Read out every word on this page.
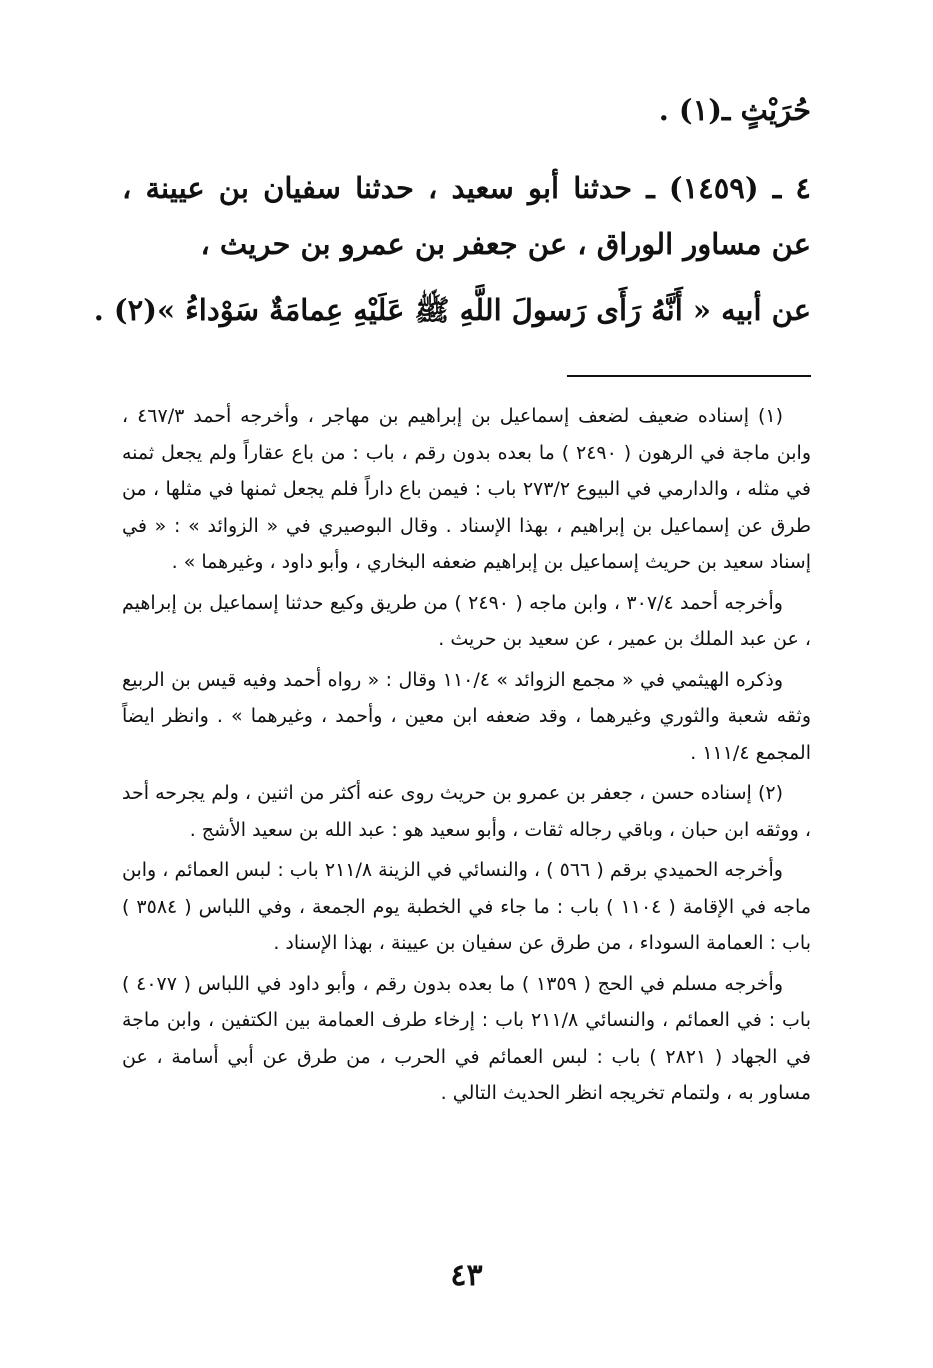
حُرَيْثٍ ـ(١) .
٤ ـ (١٤٥٩) ـ حدثنا أبو سعيد ، حدثنا سفيان بن عيينة ،
عن مساور الوراق ، عن جعفر بن عمرو بن حريث ،
عن أبيه « أَنَّهُ رَأَى رَسولَ اللَّهِ ﷺ عَلَيْهِ عِمامَةٌ سَوْداءُ »(٢) .

(١) إسناده ضعيف لضعف إسماعيل بن إبراهيم بن مهاجر ، وأخرجه أحمد ٤٦٧/٣ ، وابن ماجة في الرهون ( ٢٤٩٠ ) ما بعده بدون رقم ، باب : من باع عقاراً ولم يجعل ثمنه في مثله ، والدارمي في البيوع ٢٧٣/٢ باب : فيمن باع داراً فلم يجعل ثمنها في مثلها ، من طرق عن إسماعيل بن إبراهيم ، بهذا الإسناد . وقال البوصيري في « الزوائد » : « في إسناد سعيد بن حريث إسماعيل بن إبراهيم ضعفه البخاري ، وأبو داود ، وغيرهما » .

وأخرجه أحمد ٣٠٧/٤ ، وابن ماجه ( ٢٤٩٠ ) من طريق وكيع حدثنا إسماعيل بن إبراهيم ، عن عبد الملك بن عمير ، عن سعيد بن حريث .

وذكره الهيثمي في « مجمع الزوائد » ١١٠/٤ وقال : « رواه أحمد وفيه قيس بن الربيع وثقه شعبة والثوري وغيرهما ، وقد ضعفه ابن معين ، وأحمد ، وغيرهما » . وانظر ايضاً المجمع ١١١/٤ .

(٢) إسناده حسن ، جعفر بن عمرو بن حريث روى عنه أكثر من اثنين ، ولم يجرحه أحد ، ووثقه ابن حبان ، وباقي رجاله ثقات ، وأبو سعيد هو : عبد الله بن سعيد الأشج .

وأخرجه الحميدي برقم ( ٥٦٦ ) ، والنسائي في الزينة ٢١١/٨ باب : لبس العمائم ، وابن ماجه في الإقامة ( ١١٠٤ ) باب : ما جاء في الخطبة يوم الجمعة ، وفي اللباس ( ٣٥٨٤ ) باب : العمامة السوداء ، من طرق عن سفيان بن عيينة ، بهذا الإسناد .

وأخرجه مسلم في الحج ( ١٣٥٩ ) ما بعده بدون رقم ، وأبو داود في اللباس ( ٤٠٧٧ ) باب : في العمائم ، والنسائي ٢١١/٨ باب : إرخاء طرف العمامة بين الكتفين ، وابن ماجة في الجهاد ( ٢٨٢١ ) باب : لبس العمائم في الحرب ، من طرق عن أبي أسامة ، عن مساور به ، ولتمام تخريجه انظر الحديث التالي .

٤٣
